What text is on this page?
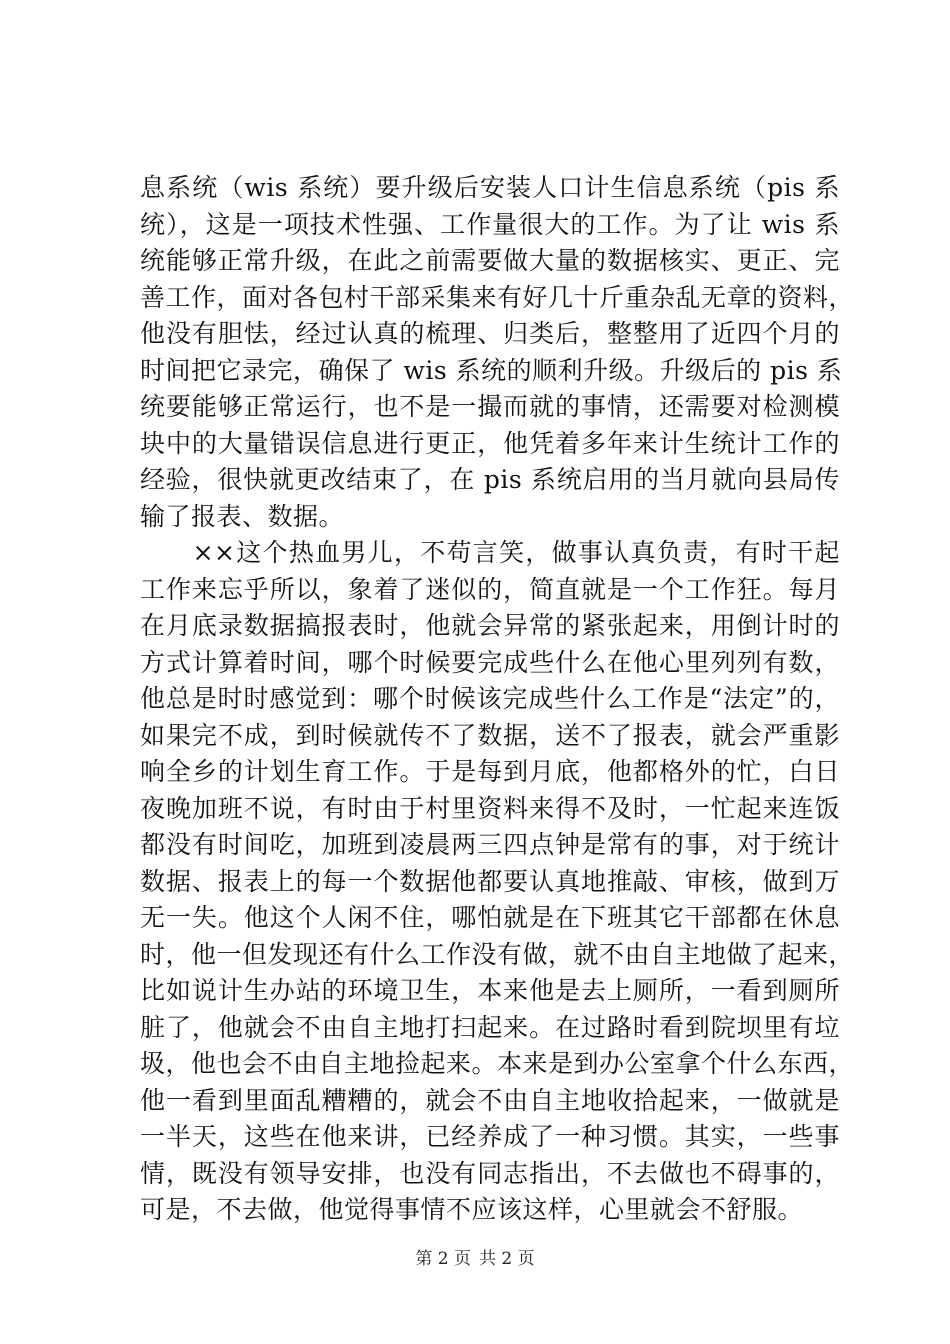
息系统（wis 系统）要升级后安装人口计生信息系统（pis 系
统），这是一项技术性强、工作量很大的工作。为了让 wis 系
统能够正常升级，在此之前需要做大量的数据核实、更正、完
善工作，面对各包村干部采集来有好几十斤重杂乱无章的资料，
他没有胆怯，经过认真的梳理、归类后，整整用了近四个月的
时间把它录完，确保了 wis 系统的顺利升级。升级后的 pis 系
统要能够正常运行，也不是一撮而就的事情，还需要对检测模
块中的大量错误信息进行更正，他凭着多年来计生统计工作的
经验，很快就更改结束了，在 pis 系统启用的当月就向县局传
输了报表、数据。
　　××这个热血男儿，不苟言笑，做事认真负责，有时干起
工作来忘乎所以，象着了迷似的，简直就是一个工作狂。每月
在月底录数据搞报表时，他就会异常的紧张起来，用倒计时的
方式计算着时间，哪个时候要完成些什么在他心里列列有数，
他总是时时感觉到：哪个时候该完成些什么工作是“法定”的，
如果完不成，到时候就传不了数据，送不了报表，就会严重影
响全乡的计划生育工作。于是每到月底，他都格外的忙，白日
夜晚加班不说，有时由于村里资料来得不及时，一忙起来连饭
都没有时间吃，加班到凌晨两三四点钟是常有的事，对于统计
数据、报表上的每一个数据他都要认真地推敲、审核，做到万
无一失。他这个人闲不住，哪怕就是在下班其它干部都在休息
时，他一但发现还有什么工作没有做，就不由自主地做了起来，
比如说计生办站的环境卫生，本来他是去上厕所，一看到厕所
脏了，他就会不由自主地打扫起来。在过路时看到院坝里有垃
圾，他也会不由自主地捡起来。本来是到办公室拿个什么东西，
他一看到里面乱糟糟的，就会不由自主地收拾起来，一做就是
一半天，这些在他来讲，已经养成了一种习惯。其实，一些事
情，既没有领导安排，也没有同志指出，不去做也不碍事的，
可是，不去做，他觉得事情不应该这样，心里就会不舒服。
第 2 页 共 2 页
